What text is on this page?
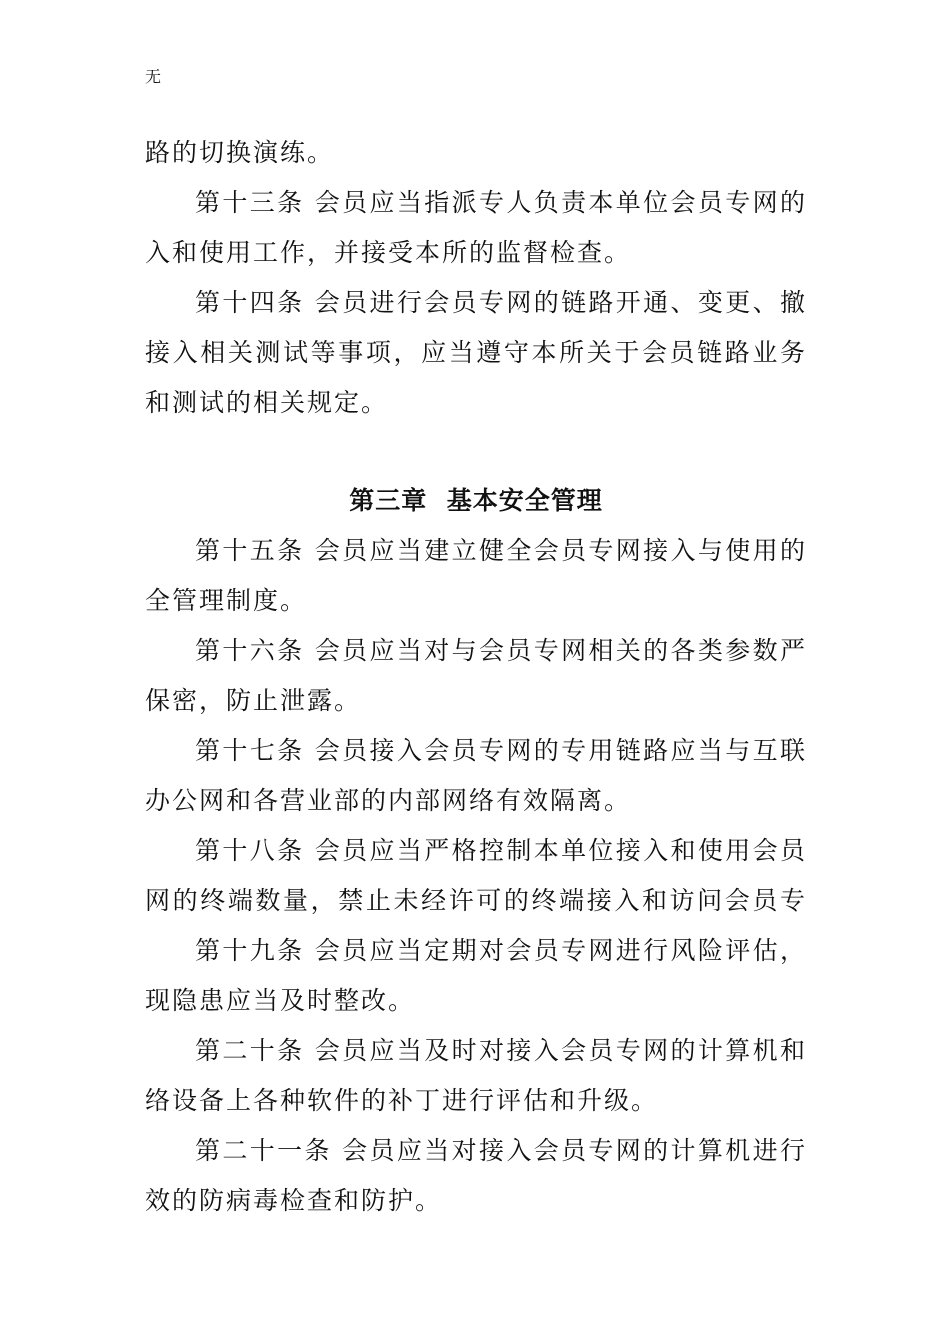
无
路的切换演练。
第十三条 会员应当指派专人负责本单位会员专网的
入和使用工作，并接受本所的监督检查。
第十四条 会员进行会员专网的链路开通、变更、撤
接入相关测试等事项，应当遵守本所关于会员链路业务
和测试的相关规定。
第三章  基本安全管理
第十五条 会员应当建立健全会员专网接入与使用的
全管理制度。
第十六条 会员应当对与会员专网相关的各类参数严
保密，防止泄露。
第十七条 会员接入会员专网的专用链路应当与互联
办公网和各营业部的内部网络有效隔离。
第十八条 会员应当严格控制本单位接入和使用会员
网的终端数量，禁止未经许可的终端接入和访问会员专
第十九条 会员应当定期对会员专网进行风险评估，
现隐患应当及时整改。
第二十条 会员应当及时对接入会员专网的计算机和
络设备上各种软件的补丁进行评估和升级。
第二十一条 会员应当对接入会员专网的计算机进行
效的防病毒检查和防护。
